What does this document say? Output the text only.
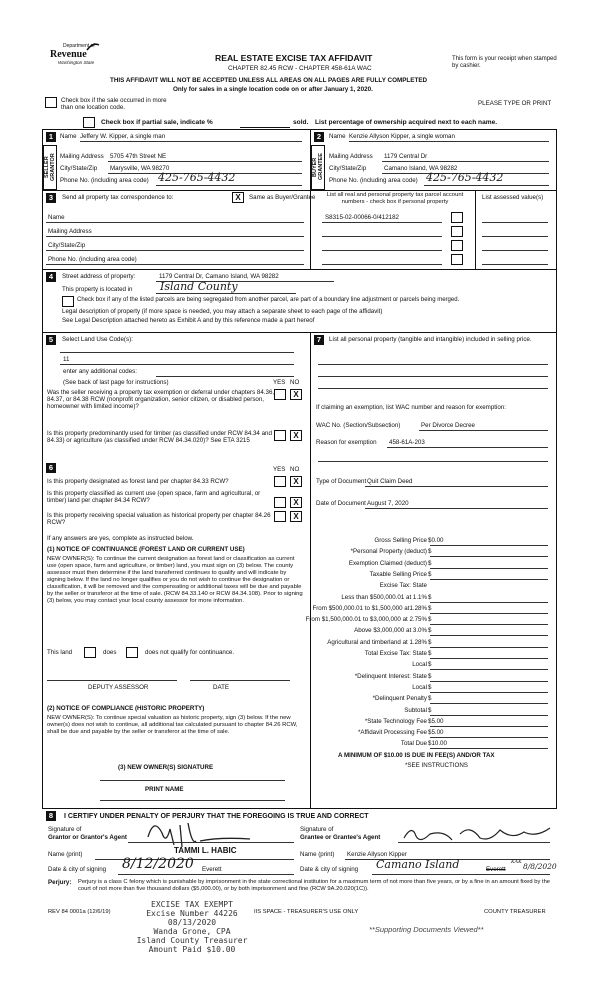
Department of
Revenue
Washington State	REAL ESTATE EXCISE TAX AFFIDAVIT
CHAPTER 82.45 RCW - CHAPTER 458-61A WAC
This form is your receipt when stamped by cashier.
THIS AFFIDAVIT WILL NOT BE ACCEPTED UNLESS ALL AREAS ON ALL PAGES ARE FULLY COMPLETED
Only for sales in a single location code on or after January 1, 2020.
Check box if the sale occurred in more than one location code.
PLEASE TYPE OR PRINT
Check box if partial sale, indicate %	sold. List percentage of ownership acquired next to each name.
1
SELLER GRANTOR
Name Jeffery W. Kipper, a single man
Mailing Address 5705 47th Street NE
City/State/Zip Marysville, WA 98270
Phone No. (including area code) 425-765-4432
2
BUYER GRANTEE
Name Kenzie Allyson Kipper, a single woman
Mailing Address 1179 Central Dr
City/State/Zip	Camano Island, WA 98282
Phone No. (including area code) 425-765-4432
3	Send all property tax correspondence to:	X	Same as Buyer/Grantee	List all real and personal property tax parcel account numbers - check box if personal property
List assessed value(s)
Name
Mailing Address
City/State/Zip
Phone No. (including area code)
S8315-02-00066-0/412182
4	Street address of property:	1179 Central Dr, Camano Island, WA 98282
This property is located in Island County
Check box if any of the listed parcels are being segregated from another parcel, are part of a boundary line adjustment or parcels being merged.
Legal description of property (if more space is needed, you may attach a separate sheet to each page of the affidavit)
See Legal Description attached hereto as Exhibit A and by this reference made a part hereof
5	Select Land Use Code(s):
11
enter any additional codes:
(See back of last page for instructions)	YES NO
Was the seller receiving a property tax exemption or deferral under chapters 84.36, 84.37, or 84.38 RCW (nonprofit organization, senior citizen, or disabled person, homeowner with limited income)?
X
Is this property predominantly used for timber (as classified under RCW 84.34 and 84.33) or agriculture (as classified under RCW 84.34.020)? See ETA 3215
X
6	YES NO
Is this property designated as forest land per chapter 84.33 RCW?	X
Is this property classified as current use (open space, farm and agricultural, or timber) land per chapter 84.34 RCW?	X
Is this property receiving special valuation as historical property per chapter 84.26 RCW?
X
If any answers are yes, complete as instructed below.
(1) NOTICE OF CONTINUANCE (FOREST LAND OR CURRENT USE)
NEW OWNER(S): To continue the current designation as forest land or classification as current use (open space, farm and agriculture, or timber) land, you must sign on (3) below. The county assessor must then determine if the land transferred continues to qualify and will indicate by signing below. If the land no longer qualifies or you do not wish to continue the designation or classification, it will be removed and the compensating or additional taxes will be due and payable by the seller or transferor at the time of sale. (RCW 84.33.140 or RCW 84.34.108). Prior to signing (3) below, you may contact your local county assessor for more information.
This land	does	does not qualify for continuance.
DEPUTY ASSESSOR	DATE
(2) NOTICE OF COMPLIANCE (HISTORIC PROPERTY)
NEW OWNER(S): To continue special valuation as historic property, sign (3) below. If the new owner(s) does not wish to continue, all additional tax calculated pursuant to chapter 84.26 RCW, shall be due and payable by the seller or transferor at the time of sale.
(3) NEW OWNER(S) SIGNATURE
PRINT NAME
7	List all personal property (tangible and intangible) included in selling price.
If claiming an exemption, list WAC number and reason for exemption:
WAC No. (Section/Subsection)	Per Divorce Decree
Reason for exemption 458-61A-203
Type of Document Quit Claim Deed
Date of Document August 7, 2020
Gross Selling Price $0.00
*Personal Property (deduct) $
Exemption Claimed (deduct) $
Taxable Selling Price $
Excise Tax: State
Less than $500,000.01 at 1.1% $
From $500,000.01 to $1,500,000 at1.28% $
From $1,500,000.01 to $3,000,000 at 2.75% $
Above $3,000,000 at 3.0% $
Agricultural and timberland at 1.28% $
Total Excise Tax: State $
Local $
*Delinquent Interest: State $
Local $
*Delinquent Penalty $
Subtotal $
*State Technology Fee $5.00
*Affidavit Processing Fee $5.00
Total Due $10.00
A MINIMUM OF $10.00 IS DUE IN FEE(S) AND/OR TAX
*SEE INSTRUCTIONS
8	I CERTIFY UNDER PENALTY OF PERJURY THAT THE FOREGOING IS TRUE AND CORRECT
Signature of
Grantor or Grantor's Agent
Name (print)	TAMMI L. HABIC
Date & city of signing 8/12/2020 Everett
Signature of
Grantee or Grantee's Agent
Name (print) Kenzie Allyson Kipper
Date & city of signing Camano Island	Everett
KAK 8/8/2020
Perjury: Perjury is a class C felony which is punishable by imprisonment in the state correctional institution for a maximum term of not more than five years, or by a fine in an amount fixed by the court of not more than five thousand dollars ($5,000.00), or by both imprisonment and fine (RCW 9A.20.020(1C)).
REV 84 0001a (12/6/19)	IIS SPACE - TREASURER'S USE ONLY	COUNTY TREASURER
**Supporting Documents Viewed**
EXCISE TAX EXEMPT
Excise Number 44226
08/13/2020
Wanda Grone, CPA
Island County Treasurer
Amount Paid $10.00
